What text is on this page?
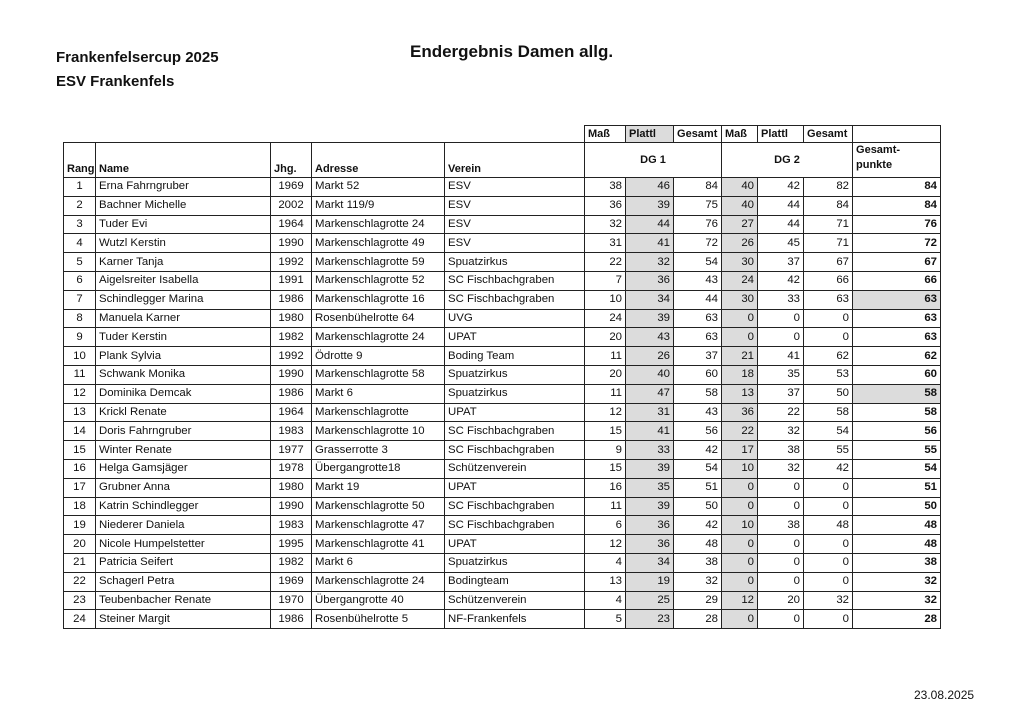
Frankenfelsercup 2025
ESV Frankenfels
Endergebnis Damen allg.
					Maß	Plattl	Gesamt	Maß	Plattl	Gesamt	
Rang	Name	Jhg.	Adresse	Verein	DG 1			DG 2			Gesamt-
punkte
1	Erna Fahrngruber	1969	Markt 52	ESV	38	46	84	40	42	82	84
2	Bachner Michelle	2002	Markt 119/9	ESV	36	39	75	40	44	84	84
3	Tuder Evi	1964	Markenschlagrotte 24	ESV	32	44	76	27	44	71	76
4	Wutzl Kerstin	1990	Markenschlagrotte 49	ESV	31	41	72	26	45	71	72
5	Karner Tanja	1992	Markenschlagrotte 59	Spuatzirkus	22	32	54	30	37	67	67
6	Aigelsreiter Isabella	1991	Markenschlagrotte 52	SC Fischbachgraben	7	36	43	24	42	66	66
7	Schindlegger Marina	1986	Markenschlagrotte 16	SC Fischbachgraben	10	34	44	30	33	63	63
8	Manuela Karner	1980	Rosenbühelrotte 64	UVG	24	39	63	0	0	0	63
9	Tuder Kerstin	1982	Markenschlagrotte 24	UPAT	20	43	63	0	0	0	63
10	Plank Sylvia	1992	Ödrotte 9	Boding Team	11	26	37	21	41	62	62
11	Schwank Monika	1990	Markenschlagrotte 58	Spuatzirkus	20	40	60	18	35	53	60
12	Dominika Demcak	1986	Markt 6	Spuatzirkus	11	47	58	13	37	50	58
13	Krickl Renate	1964	Markenschlagrotte	UPAT	12	31	43	36	22	58	58
14	Doris Fahrngruber	1983	Markenschlagrotte 10	SC Fischbachgraben	15	41	56	22	32	54	56
15	Winter Renate	1977	Grasserrotte 3	SC Fischbachgraben	9	33	42	17	38	55	55
16	Helga Gamsjäger	1978	Übergangrotte18	Schützenverein	15	39	54	10	32	42	54
17	Grubner Anna	1980	Markt 19	UPAT	16	35	51	0	0	0	51
18	Katrin Schindlegger	1990	Markenschlagrotte 50	SC Fischbachgraben	11	39	50	0	0	0	50
19	Niederer Daniela	1983	Markenschlagrotte 47	SC Fischbachgraben	6	36	42	10	38	48	48
20	Nicole Humpelstetter	1995	Markenschlagrotte 41	UPAT	12	36	48	0	0	0	48
21	Patricia Seifert	1982	Markt 6	Spuatzirkus	4	34	38	0	0	0	38
22	Schagerl Petra	1969	Markenschlagrotte 24	Bodingteam	13	19	32	0	0	0	32
23	Teubenbacher Renate	1970	Übergangrotte 40	Schützenverein	4	25	29	12	20	32	32
24	Steiner Margit	1986	Rosenbühelrotte 5	NF-Frankenfels	5	23	28	0	0	0	28
23.08.2025
